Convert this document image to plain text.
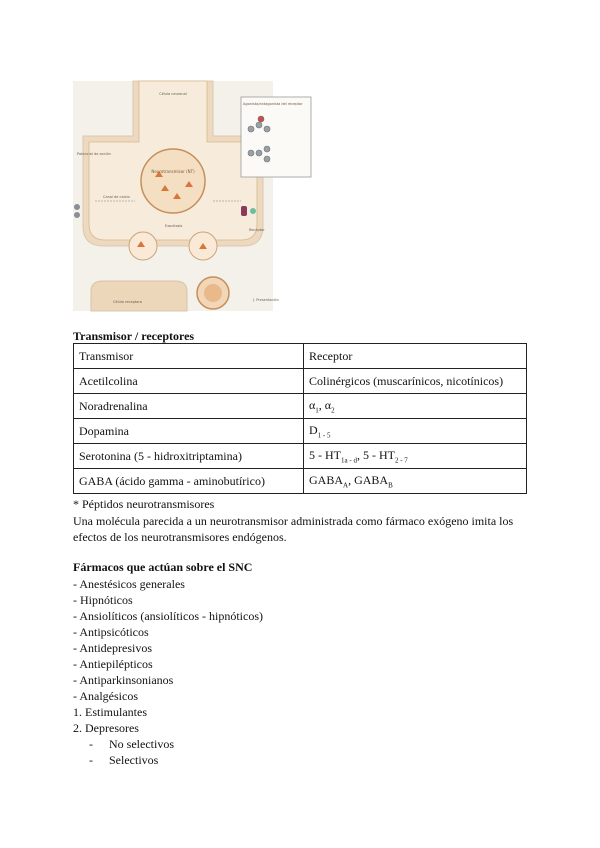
Neurotransmisor (NT)
Agonista/antagonista del receptor
Célula neuronal
Canal de calcio
Potencial de acción
Receptor
Exocitosis
Célula receptora	J. Presentación
Transmisor / receptores
Transmisor	Receptor
Acetilcolina	Colinérgicos (muscarínicos, nicotínicos)
Noradrenalina	$\alpha_1$, $\alpha_2$
Dopamina	$D_{1 - 5}$
Serotonina (5 - hidroxitriptamina)	$5 - HT_{1a - d}$, $5 - HT_{2 - 7}$
GABA (ácido gamma - aminobutírico)	$GABA_A$, $GABA_B$
* Péptidos neurotransmisores
Una molécula parecida a un neurotransmisor administrada como fármaco exógeno imita los
efectos de los neurotransmisores endógenos.
Fármacos que actúan sobre el SNC
- Anestésicos generales
- Hipnóticos
- Ansiolíticos (ansiolíticos - hipnóticos)
- Antipsicóticos
- Antidepresivos
- Antiepilépticos
- Antiparkinsonianos
- Analgésicos
1. Estimulantes
2. Depresores
- No selectivos
- Selectivos
